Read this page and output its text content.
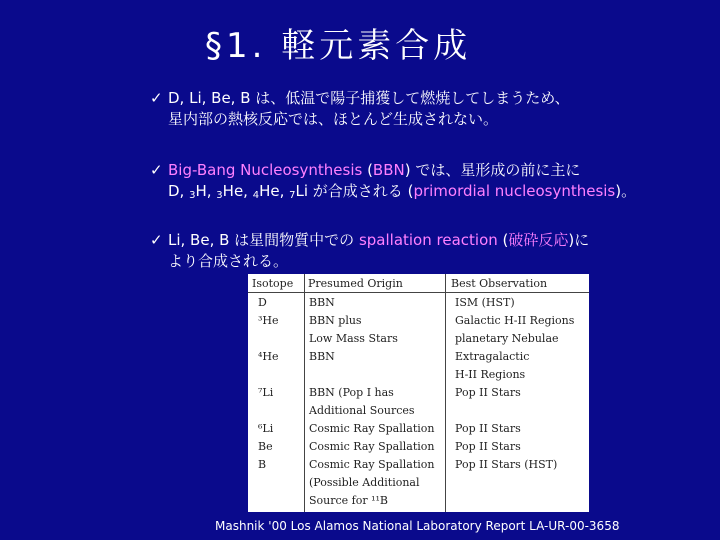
§1. 軽元素合成
✓ D, Li, Be, B は、低温で陽子捕獲して燃焼してしまうため、
星内部の熱核反応では、ほとんど生成されない。
✓ Big-Bang Nucleosynthesis (BBN) では、星形成の前に主に
D, $^3$H, $^3$He, $^4$He, $^7$Li が合成される (primordial nucleosynthesis)。
✓ Li, Be, B は星間物質中での spallation reaction (破砕反応)に
より合成される。
Isotope Presumed Origin	Best Observation
D
³He
⁴He
⁷Li
⁶Li
Be
B
BBN
BBN plus
Low Mass Stars
BBN
BBN (Pop I has
Additional Sources
Cosmic Ray Spallation
Cosmic Ray Spallation
Cosmic Ray Spallation
(Possible Additional
Source for ¹¹B
ISM (HST)
Galactic H-II Regions
planetary Nebulae
Extragalactic
H-II Regions
Pop II Stars
Pop II Stars
Pop II Stars
Pop II Stars (HST)
Mashnik '00 Los Alamos National Laboratory Report LA-UR-00-3658
